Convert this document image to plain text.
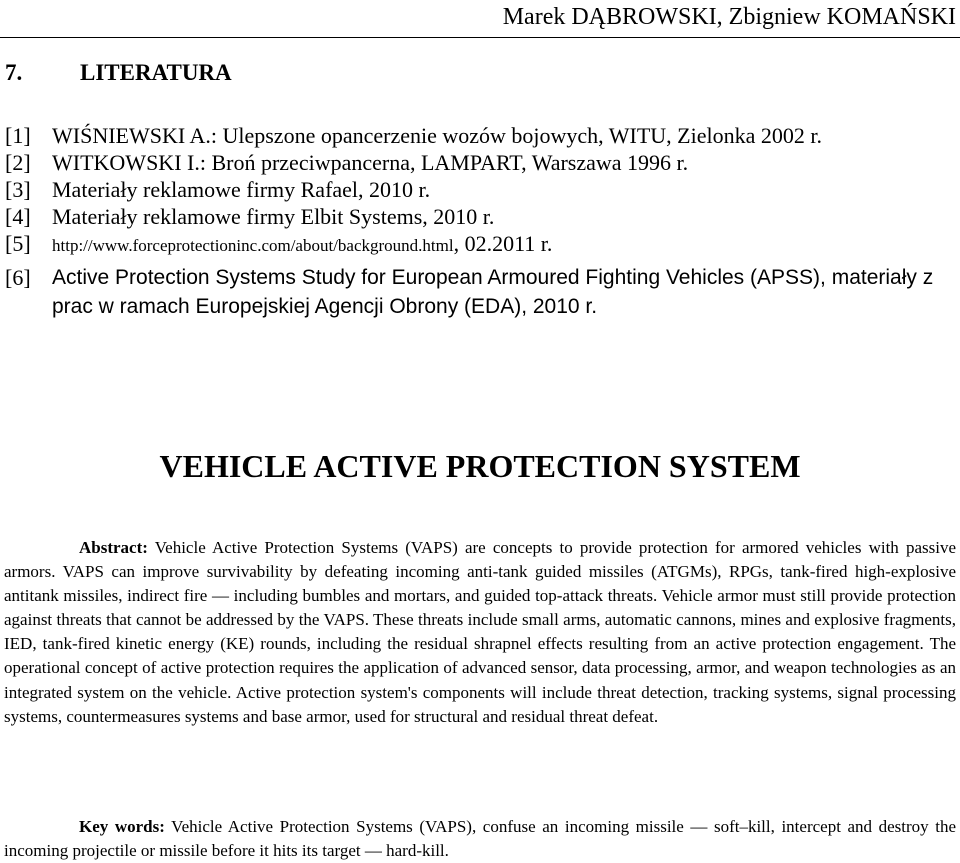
Marek DĄBROWSKI, Zbigniew KOMAŃSKI
7.	LITERATURA
[1] WIŚNIEWSKI A.: Ulepszone opancerzenie wozów bojowych, WITU, Zielonka 2002 r.
[2] WITKOWSKI I.: Broń przeciwpancerna, LAMPART, Warszawa 1996 r.
[3] Materiały reklamowe firmy Rafael, 2010 r.
[4] Materiały reklamowe firmy Elbit Systems, 2010 r.
[5] http://www.forceprotectioninc.com/about/background.html, 02.2011 r.
[6] Active Protection Systems Study for European Armoured Fighting Vehicles (APSS), materiały z prac w ramach Europejskiej Agencji Obrony (EDA), 2010 r.
VEHICLE ACTIVE PROTECTION SYSTEM
Abstract: Vehicle Active Protection Systems (VAPS) are concepts to provide protection for armored vehicles with passive armors. VAPS can improve survivability by defeating incoming anti-tank guided missiles (ATGMs), RPGs, tank-fired high-explosive antitank missiles, indirect fire — including bumbles and mortars, and guided top-attack threats. Vehicle armor must still provide protection against threats that cannot be addressed by the VAPS. These threats include small arms, automatic cannons, mines and explosive fragments, IED, tank-fired kinetic energy (KE) rounds, including the residual shrapnel effects resulting from an active protection engagement. The operational concept of active protection requires the application of advanced sensor, data processing, armor, and weapon technologies as an integrated system on the vehicle. Active protection system's components will include threat detection, tracking systems, signal processing systems, countermeasures systems and base armor, used for structural and residual threat defeat.
Key words: Vehicle Active Protection Systems (VAPS), confuse an incoming missile — soft–kill, intercept and destroy the incoming projectile or missile before it hits its target — hard-kill.
